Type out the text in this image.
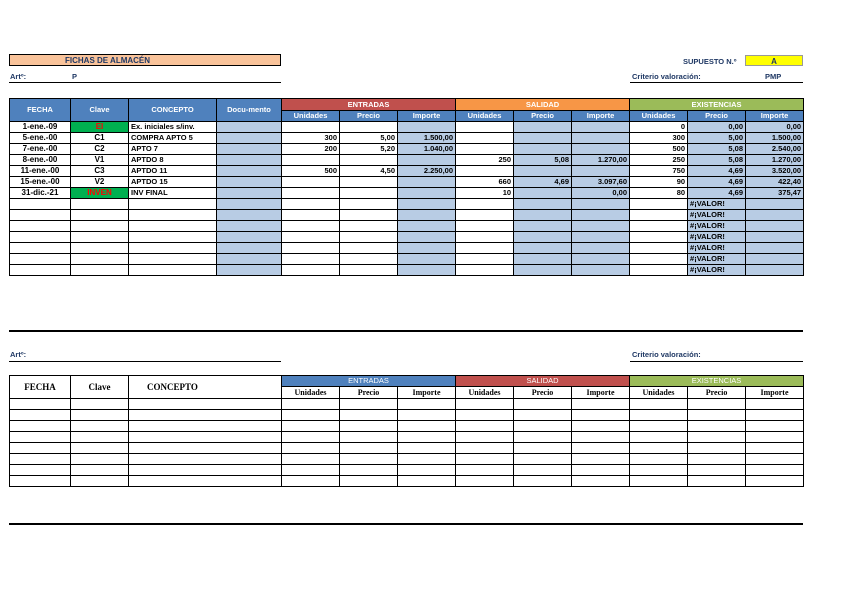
FICHAS DE ALMACÉN	SUPUESTO N.º	A
Artº:	P	Criterio valoración:	PMP
FECHA	Clave	CONCEPTO	Docu-mento	ENTRADAS			SALIDAD			EXISTENCIAS		
				Unidades	Precio	Importe	Unidades	Precio	Importe	Unidades	Precio	Importe
1-ene.-09	EI	Ex. iniciales s/inv.								0	0,00	0,00
5-ene.-00	C1	COMPRA APTO 5		300	5,00	1.500,00				300	5,00	1.500,00
7-ene.-00	C2	APTO 7		200	5,20	1.040,00				500	5,08	2.540,00
8-ene.-00	V1	APTDO 8					250	5,08	1.270,00	250	5,08	1.270,00
11-ene.-00	C3	APTDO 11		500	4,50	2.250,00				750	4,69	3.520,00
15-ene.-00	V2	APTDO 15					660	4,69	3.097,60	90	4,69	422,40
31-dic.-21	INVEN	INV FINAL					10		0,00	80	4,69	375,47
											#¡VALOR!	
											#¡VALOR!	
											#¡VALOR!	
											#¡VALOR!	
											#¡VALOR!	
											#¡VALOR!	
											#¡VALOR!	
Artº:	Criterio valoración:
FECHA	Clave	CONCEPTO	ENTRADAS			SALIDAD			EXISTENCIAS		
			Unidades	Precio	Importe	Unidades	Precio	Importe	Unidades	Precio	Importe
